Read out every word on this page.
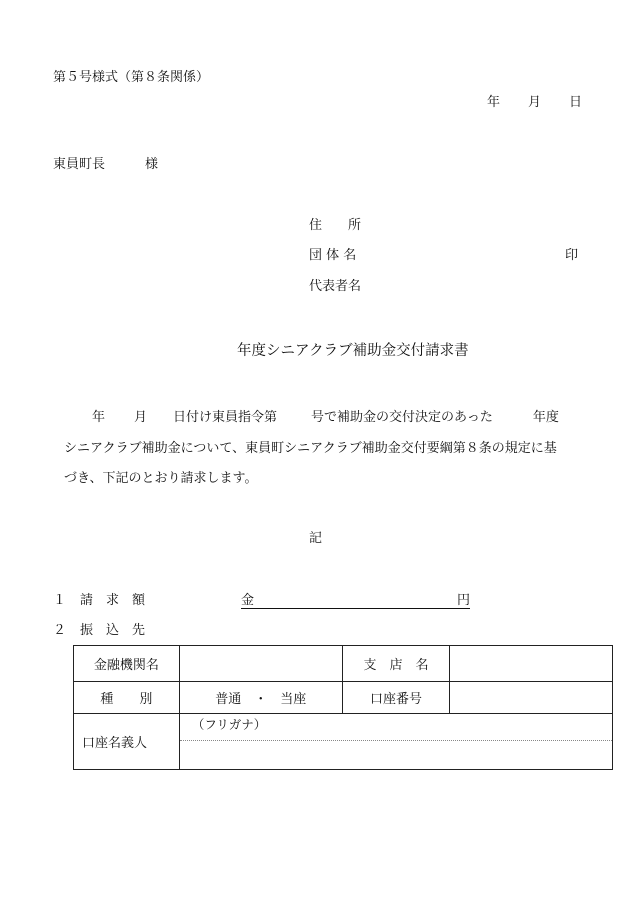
第５号様式（第８条関係）
年 月 日
東員町長	様
住　　所
団 体 名	印
代表者名
年度シニアクラブ補助金交付請求書
年 月 日付け東員指令第	号で補助金の交付決定のあった	年度
シニアクラブ補助金について、東員町シニアクラブ補助金交付要綱第８条の規定に基
づき、下記のとおり請求します。
記
１ 請　求　額	金	円
２ 振　込　先
金融機関名		支　店　名	
種　　別	普通　・　当座	口座番号	
口座名義人	（フリガナ）		
